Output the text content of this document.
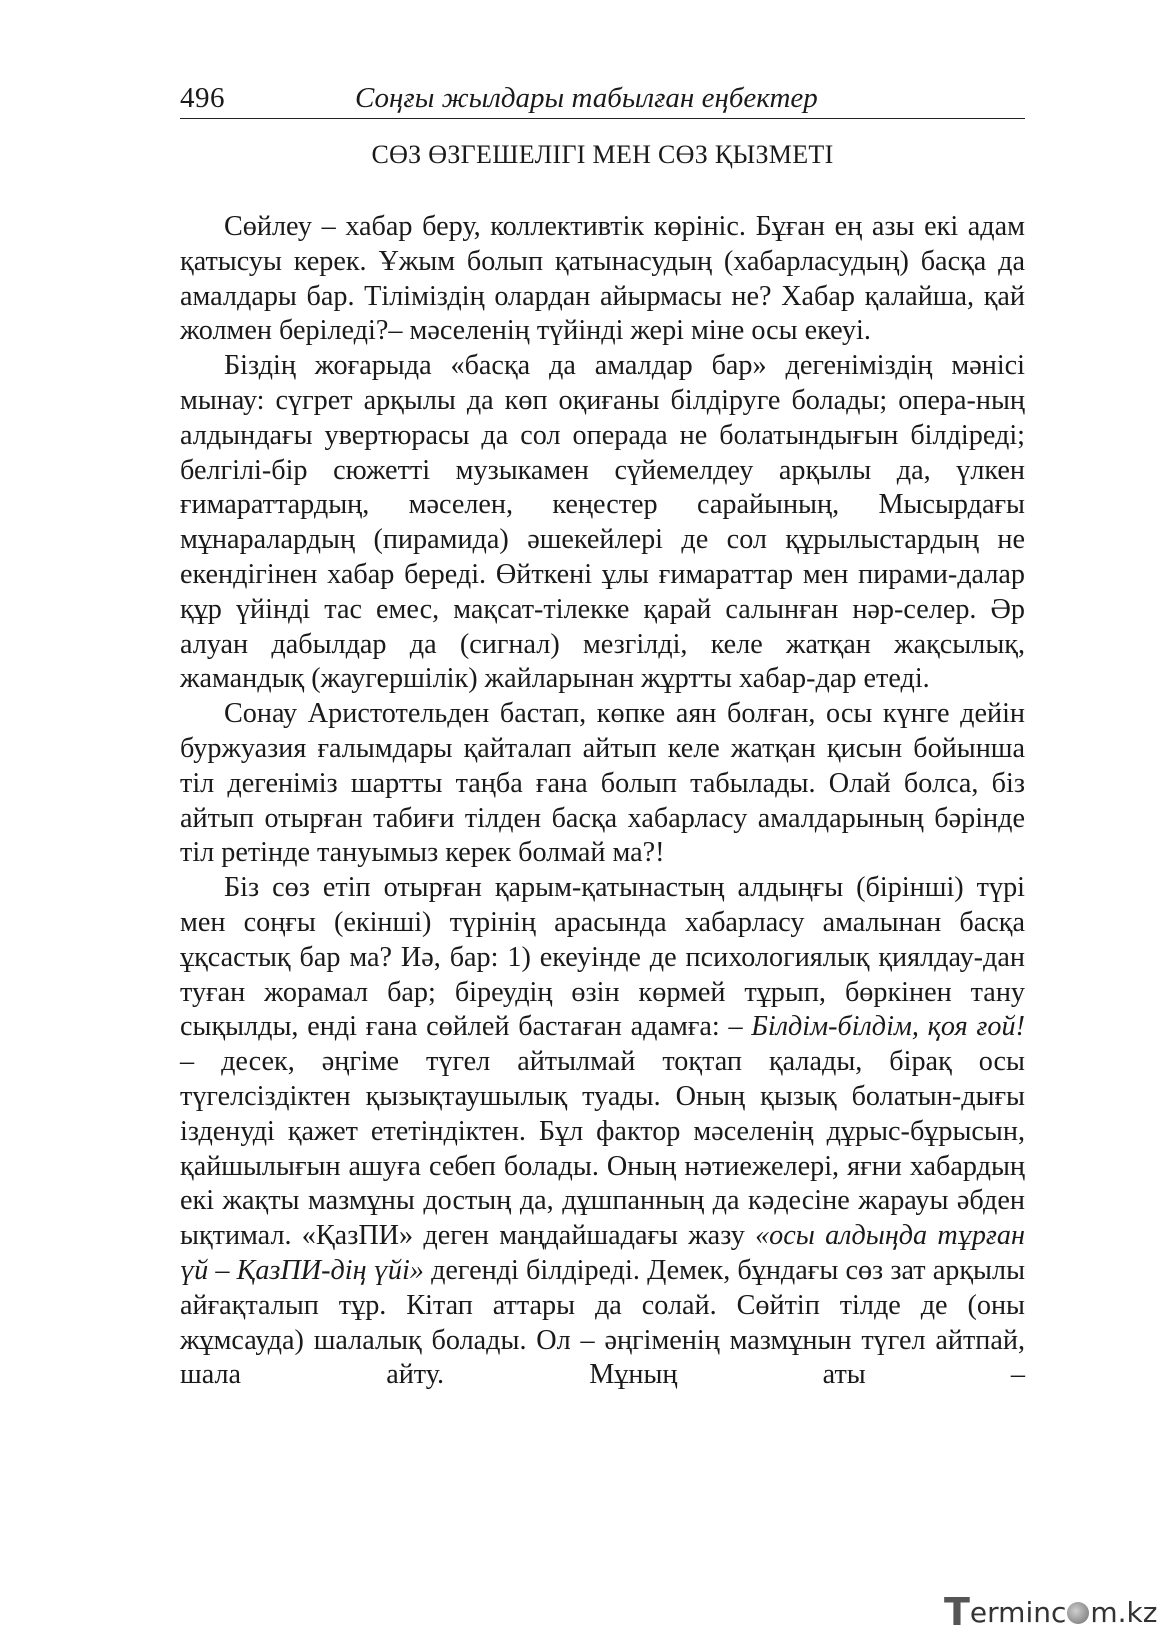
496	Соңғы жылдары табылған еңбектер
СӨЗ ӨЗГЕШЕЛІГІ МЕН СӨЗ ҚЫЗМЕТІ

Сөйлеу – хабар беру, коллективтік көрініс. Бұған ең азы екі адам қатысуы керек. Ұжым болып қатынасудың (хабарласудың) басқа да амалдары бар. Тіліміздің олардан айырмасы не? Хабар қалайша, қай жолмен беріледі?– мәселенің түйінді жері міне осы екеуі.

Біздің жоғарыда «басқа да амалдар бар» дегеніміздің мәнісі мынау: сүгрет арқылы да көп оқиғаны білдіруге болады; опера-ның алдындағы увертюрасы да сол операда не болатындығын білдіреді; белгілі-бір сюжетті музыкамен сүйемелдеу арқылы да, үлкен ғимараттардың, мәселен, кеңестер сарайының, Мысырдағы мұнаралардың (пирамида) әшекейлері де сол құрылыстардың не екендігінен хабар береді. Өйткені ұлы ғимараттар мен пирами-далар құр үйінді тас емес, мақсат-тілекке қарай салынған нәр-селер. Әр алуан дабылдар да (сигнал) мезгілді, келе жатқан жақсылық, жамандық (жаугершілік) жайларынан жұртты хабар-дар етеді.

Сонау Аристотельден бастап, көпке аян болған, осы күнге дейін буржуазия ғалымдары қайталап айтып келе жатқан қисын бойынша тіл дегеніміз шартты таңба ғана болып табылады. Олай болса, біз айтып отырған табиғи тілден басқа хабарласу амалдарының бәрінде тіл ретінде тануымыз керек болмай ма?!

Біз сөз етіп отырған қарым-қатынастың алдыңғы (бірінші) түрі мен соңғы (екінші) түрінің арасында хабарласу амалынан басқа ұқсастық бар ма? Иә, бар: 1) екеуінде де психологиялық қиялдау-дан туған жорамал бар; біреудің өзін көрмей тұрып, бөркінен тану сықылды, енді ғана сөйлей бастаған адамға: – Білдім-білдім, қоя ғой! – десек, әңгіме түгел айтылмай тоқтап қалады, бірақ осы түгелсіздіктен қызықтаушылық туады. Оның қызық болатын-дығы ізденуді қажет ететіндіктен. Бұл фактор мәселенің дұрыс-бұрысын, қайшылығын ашуға себеп болады. Оның нәтиежелері, яғни хабардың екі жақты мазмұны достың да, дұшпанның да кәдесіне жарауы әбден ықтимал. «ҚазПИ» деген маңдайшадағы жазу «осы алдыңда тұрған үй – ҚазПИ-дің үйі» дегенді білдіреді. Демек, бұндағы сөз зат арқылы айғақталып тұр. Кітап аттары да солай. Сөйтіп тілде де (оны жұмсауда) шалалық болады. Ол – әңгіменің мазмұнын түгел айтпай, шала айту. Мұның аты –

Terminc m.kz
